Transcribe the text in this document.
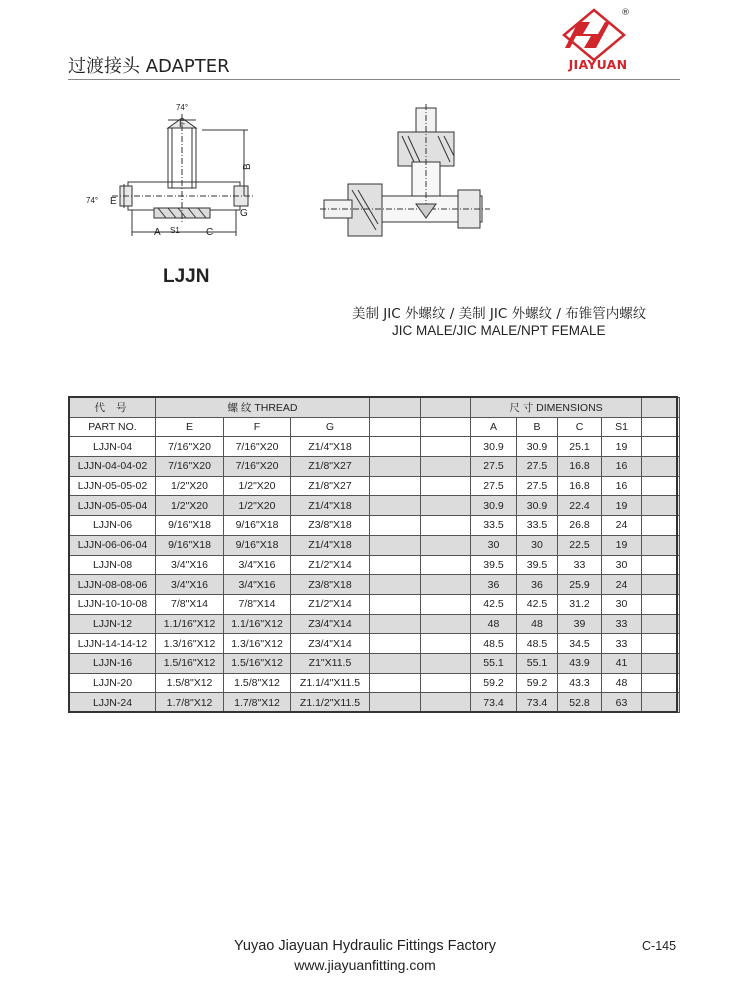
过渡接头 ADAPTER
®
JIAYUAN
74°
F
74° E
B
G
A S1	C
LJJN
美制 JIC 外螺纹 / 美制 JIC 外螺纹 / 布锥管内螺纹
JIC MALE/JIC MALE/NPT FEMALE
代 号	螺 纹 THREAD					尺 寸 DIMENSIONS				
PART NO.	E	F	G			A	B	C	S1	
LJJN-04	7/16"X20	7/16"X20	Z1/4"X18			30.9	30.9	25.1	19	
LJJN-04-04-02	7/16"X20	7/16"X20	Z1/8"X27			27.5	27.5	16.8	16	
LJJN-05-05-02	1/2"X20	1/2"X20	Z1/8"X27			27.5	27.5	16.8	16	
LJJN-05-05-04	1/2"X20	1/2"X20	Z1/4"X18			30.9	30.9	22.4	19	
LJJN-06	9/16"X18	9/16"X18	Z3/8"X18			33.5	33.5	26.8	24	
LJJN-06-06-04	9/16"X18	9/16"X18	Z1/4"X18			30	30	22.5	19	
LJJN-08	3/4"X16	3/4"X16	Z1/2"X14			39.5	39.5	33	30	
LJJN-08-08-06	3/4"X16	3/4"X16	Z3/8"X18			36	36	25.9	24	
LJJN-10-10-08	7/8"X14	7/8"X14	Z1/2"X14			42.5	42.5	31.2	30	
LJJN-12	1.1/16"X12	1.1/16"X12	Z3/4"X14			48	48	39	33	
LJJN-14-14-12	1.3/16"X12	1.3/16"X12	Z3/4"X14			48.5	48.5	34.5	33	
LJJN-16	1.5/16"X12	1.5/16"X12	Z1"X11.5			55.1	55.1	43.9	41	
LJJN-20	1.5/8"X12	1.5/8"X12	Z1.1/4"X11.5			59.2	59.2	43.3	48	
LJJN-24	1.7/8"X12	1.7/8"X12	Z1.1/2"X11.5			73.4	73.4	52.8	63	
Yuyao Jiayuan Hydraulic Fittings Factory
www.jiayuanfitting.com
C-145
